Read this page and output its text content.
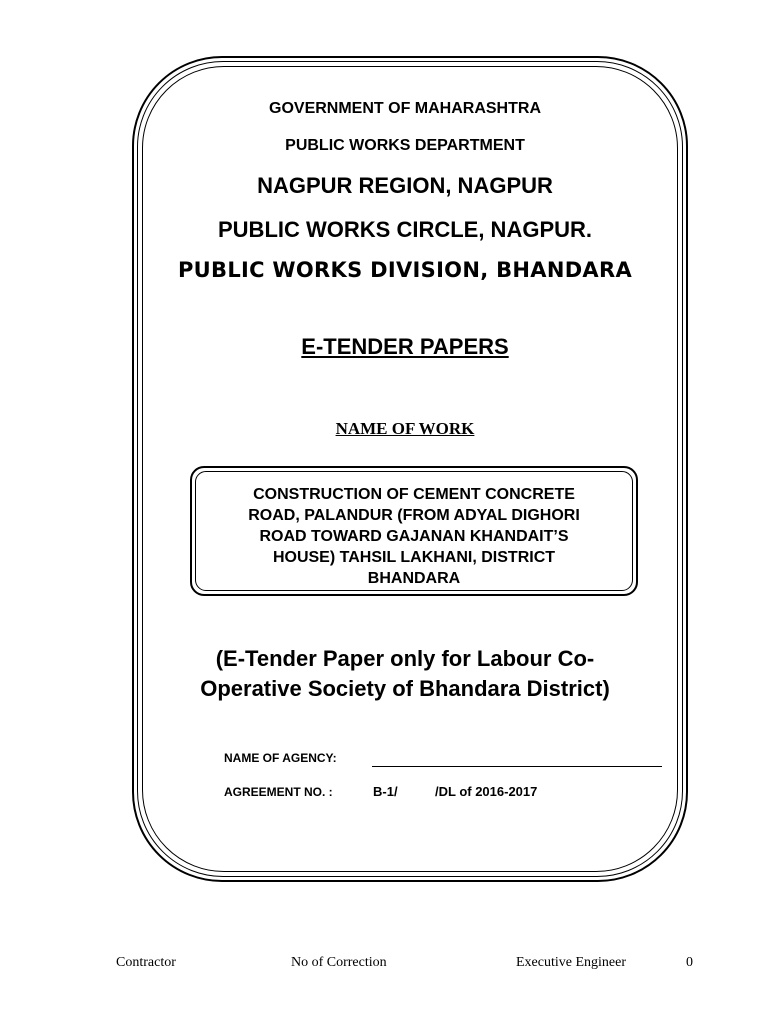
GOVERNMENT OF MAHARASHTRA
PUBLIC WORKS DEPARTMENT
NAGPUR REGION, NAGPUR
PUBLIC WORKS CIRCLE, NAGPUR.
PUBLIC WORKS DIVISION, BHANDARA
E-TENDER PAPERS
NAME OF WORK
CONSTRUCTION OF CEMENT CONCRETE
ROAD, PALANDUR (FROM ADYAL DIGHORI
ROAD TOWARD GAJANAN KHANDAIT’S
HOUSE) TAHSIL LAKHANI, DISTRICT
BHANDARA
(E-Tender Paper only for Labour Co-
Operative Society of Bhandara District)
NAME OF AGENCY:
AGREEMENT NO. :	B-1/	/DL of 2016-2017
Contractor	No of Correction	Executive Engineer	0
